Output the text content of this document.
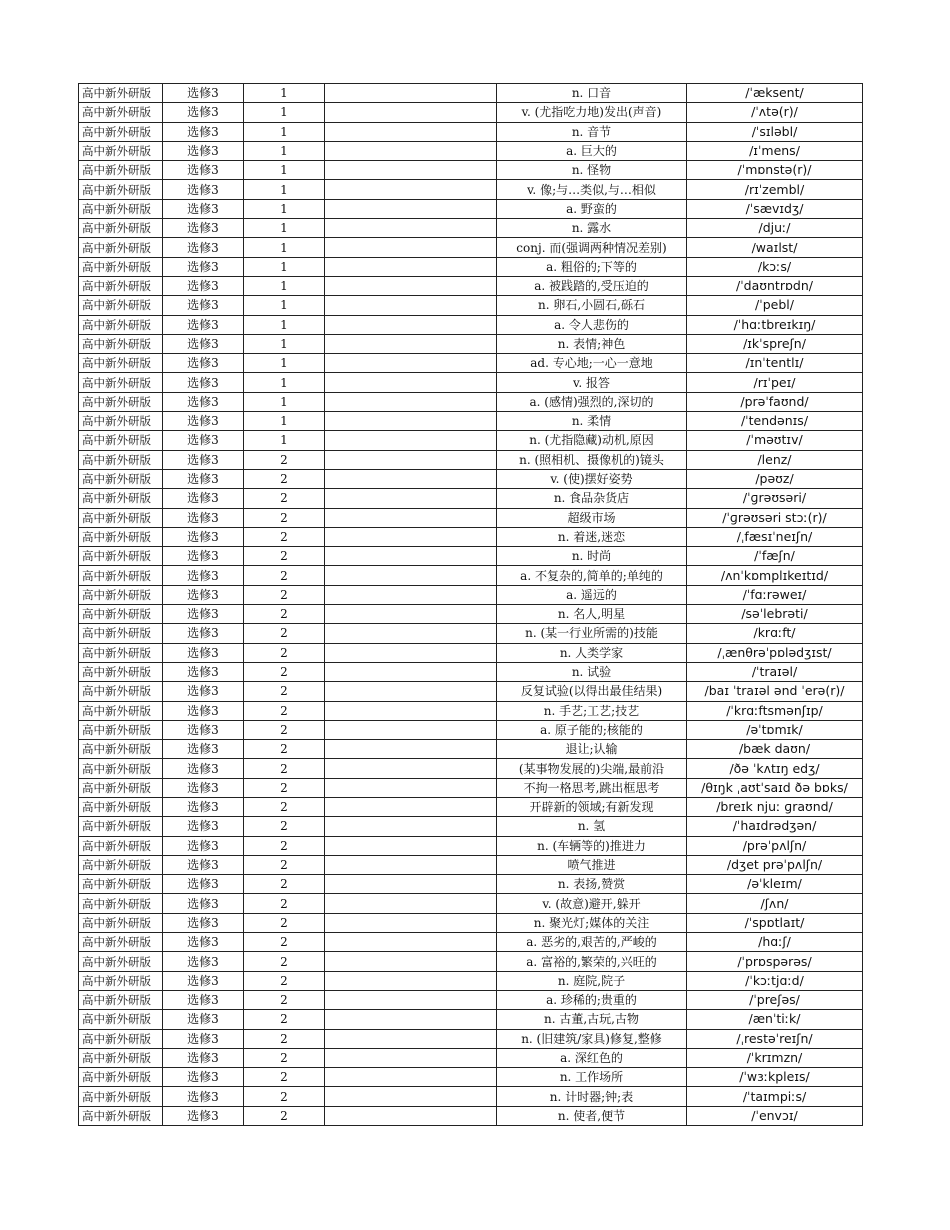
高中新外研版	选修3	1		n. 口音	/ˈæksent/
高中新外研版	选修3	1		v. (尤指吃力地)发出(声音)	/ˈʌtə(r)/
高中新外研版	选修3	1		n. 音节	/ˈsɪləbl/
高中新外研版	选修3	1		a. 巨大的	/ɪˈmens/
高中新外研版	选修3	1		n. 怪物	/ˈmɒnstə(r)/
高中新外研版	选修3	1		v. 像;与…类似,与…相似	/rɪˈzembl/
高中新外研版	选修3	1		a. 野蛮的	/ˈsævɪdʒ/
高中新外研版	选修3	1		n. 露水	/djuː/
高中新外研版	选修3	1		conj. 而(强调两种情况差别)	/waɪlst/
高中新外研版	选修3	1		a. 粗俗的;下等的	/kɔːs/
高中新外研版	选修3	1		a. 被践踏的,受压迫的	/ˈdaʊntrɒdn/
高中新外研版	选修3	1		n. 卵石,小圆石,砾石	/ˈpebl/
高中新外研版	选修3	1		a. 令人悲伤的	/ˈhɑːtbreɪkɪŋ/
高中新外研版	选修3	1		n. 表情;神色	/ɪkˈspreʃn/
高中新外研版	选修3	1		ad. 专心地;一心一意地	/ɪnˈtentlɪ/
高中新外研版	选修3	1		v. 报答	/rɪˈpeɪ/
高中新外研版	选修3	1		a. (感情)强烈的,深切的	/prəˈfaʊnd/
高中新外研版	选修3	1		n. 柔情	/ˈtendənɪs/
高中新外研版	选修3	1		n. (尤指隐藏)动机,原因	/ˈməʊtɪv/
高中新外研版	选修3	2		n. (照相机、摄像机的)镜头	/lenz/
高中新外研版	选修3	2		v. (使)摆好姿势	/pəʊz/
高中新外研版	选修3	2		n. 食品杂货店	/ˈɡrəʊsəri/
高中新外研版	选修3	2		超级市场	/ˈɡrəʊsəri stɔː(r)/
高中新外研版	选修3	2		n. 着迷,迷恋	/ˌfæsɪˈneɪʃn/
高中新外研版	选修3	2		n. 时尚	/ˈfæʃn/
高中新外研版	选修3	2		a. 不复杂的,简单的;单纯的	/ʌnˈkɒmplɪkeɪtɪd/
高中新外研版	选修3	2		a. 遥远的	/ˈfɑːrəweɪ/
高中新外研版	选修3	2		n. 名人,明星	/səˈlebrəti/
高中新外研版	选修3	2		n. (某一行业所需的)技能	/krɑːft/
高中新外研版	选修3	2		n. 人类学家	/ˌænθrəˈpɒlədʒɪst/
高中新外研版	选修3	2		n. 试验	/ˈtraɪəl/
高中新外研版	选修3	2		反复试验(以得出最佳结果)	/baɪ ˈtraɪəl ənd ˈerə(r)/
高中新外研版	选修3	2		n. 手艺;工艺;技艺	/ˈkrɑːftsmənʃɪp/
高中新外研版	选修3	2		a. 原子能的;核能的	/əˈtɒmɪk/
高中新外研版	选修3	2		退让;认输	/bæk daʊn/
高中新外研版	选修3	2		(某事物发展的)尖端,最前沿	/ðə ˈkʌtɪŋ edʒ/
高中新外研版	选修3	2		不拘一格思考,跳出框思考	/θɪŋk ˌaʊtˈsaɪd ðə bɒks/
高中新外研版	选修3	2		开辟新的领域;有新发现	/breɪk njuː ɡraʊnd/
高中新外研版	选修3	2		n. 氢	/ˈhaɪdrədʒən/
高中新外研版	选修3	2		n. (车辆等的)推进力	/prəˈpʌlʃn/
高中新外研版	选修3	2		喷气推进	/dʒet prəˈpʌlʃn/
高中新外研版	选修3	2		n. 表扬,赞赏	/əˈkleɪm/
高中新外研版	选修3	2		v. (故意)避开,躲开	/ʃʌn/
高中新外研版	选修3	2		n. 聚光灯;媒体的关注	/ˈspɒtlaɪt/
高中新外研版	选修3	2		a. 恶劣的,艰苦的,严峻的	/hɑːʃ/
高中新外研版	选修3	2		a. 富裕的,繁荣的,兴旺的	/ˈprɒspərəs/
高中新外研版	选修3	2		n. 庭院,院子	/ˈkɔːtjɑːd/
高中新外研版	选修3	2		a. 珍稀的;贵重的	/ˈpreʃəs/
高中新外研版	选修3	2		n. 古董,古玩,古物	/ænˈtiːk/
高中新外研版	选修3	2		n. (旧建筑/家具)修复,整修	/ˌrestəˈreɪʃn/
高中新外研版	选修3	2		a. 深红色的	/ˈkrɪmzn/
高中新外研版	选修3	2		n. 工作场所	/ˈwɜːkpleɪs/
高中新外研版	选修3	2		n. 计时器;钟;表	/ˈtaɪmpiːs/
高中新外研版	选修3	2		n. 使者,便节	/ˈenvɔɪ/
